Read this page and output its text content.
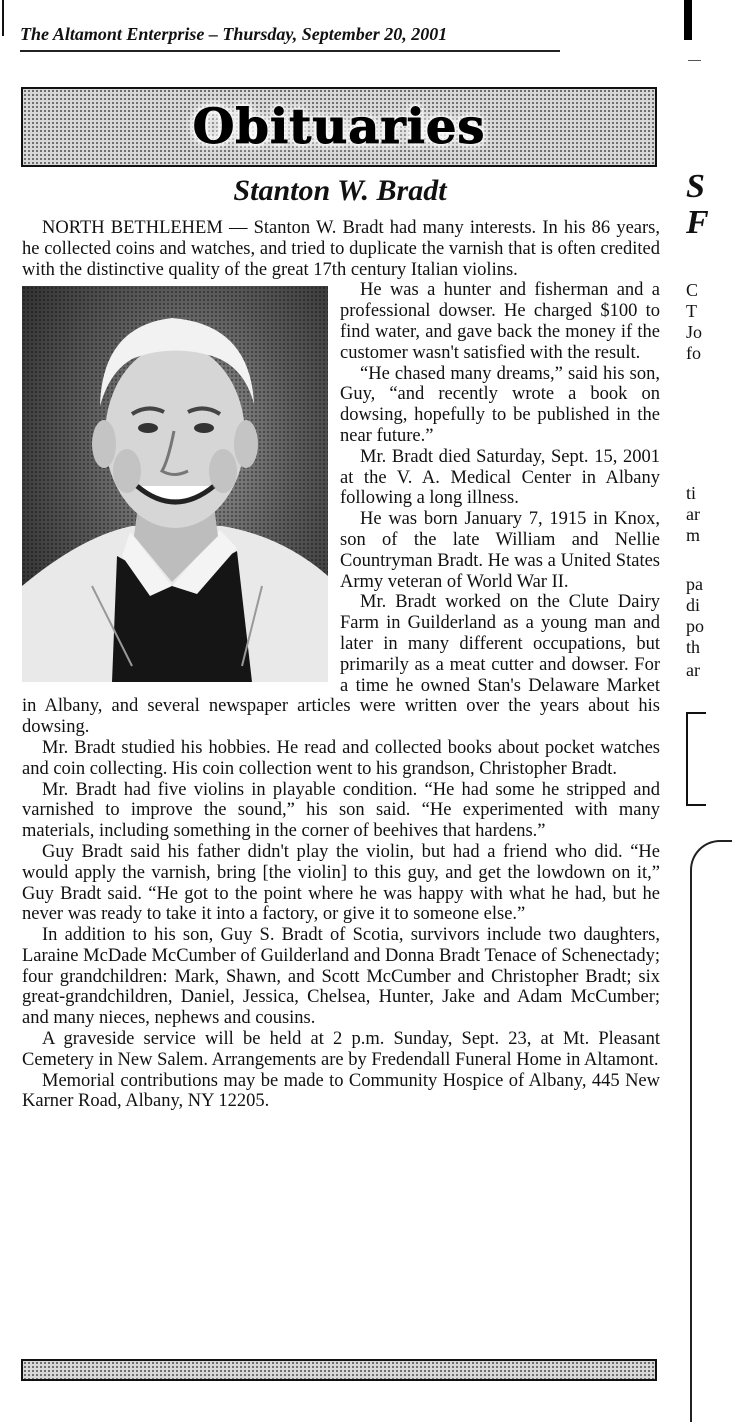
The Altamont Enterprise – Thursday, September 20, 2001
Obituaries
Stanton W. Bradt

NORTH BETHLEHEM — Stanton W. Bradt had many interests. In his 86 years, he collected coins and watches, and tried to duplicate the varnish that is often credited with the distinctive quality of the great 17th century Italian violins.

He was a hunter and fisherman and a professional dowser. He charged $100 to find water, and gave back the money if the customer wasn't satisfied with the result.

“He chased many dreams,” said his son, Guy, “and recently wrote a book on dowsing, hopefully to be published in the near future.”

Mr. Bradt died Saturday, Sept. 15, 2001 at the V. A. Medical Center in Albany following a long illness.

He was born January 7, 1915 in Knox, son of the late William and Nellie Countryman Bradt. He was a United States Army veteran of World War II.

Mr. Bradt worked on the Clute Dairy Farm in Guilderland as a young man and later in many different occupations, but primarily as a meat cutter and dowser. For a time he owned Stan's Delaware Market in Albany, and several newspaper articles were written over the years about his dowsing.

Mr. Bradt studied his hobbies. He read and collected books about pocket watches and coin collecting. His coin collection went to his grandson, Christopher Bradt.

Mr. Bradt had five violins in playable condition. “He had some he stripped and varnished to improve the sound,” his son said. “He experimented with many materials, including something in the corner of beehives that hardens.”

Guy Bradt said his father didn't play the violin, but had a friend who did. “He would apply the varnish, bring [the violin] to this guy, and get the lowdown on it,” Guy Bradt said. “He got to the point where he was happy with what he had, but he never was ready to take it into a factory, or give it to someone else.”

In addition to his son, Guy S. Bradt of Scotia, survivors include two daughters, Laraine McDade McCumber of Guilderland and Donna Bradt Tenace of Schenectady; four grandchildren: Mark, Shawn, and Scott McCumber and Christopher Bradt; six great-grandchildren, Daniel, Jessica, Chelsea, Hunter, Jake and Adam McCumber; and many nieces, nephews and cousins.

A graveside service will be held at 2 p.m. Sunday, Sept. 23, at Mt. Pleasant Cemetery in New Salem. Arrangements are by Fredendall Funeral Home in Altamont.

Memorial contributions may be made to Community Hospice of Albany, 445 New Karner Road, Albany, NY 12205.

S
F
C
T
Jo
fo
ti
ar
m
pa
di
po
th
ar
